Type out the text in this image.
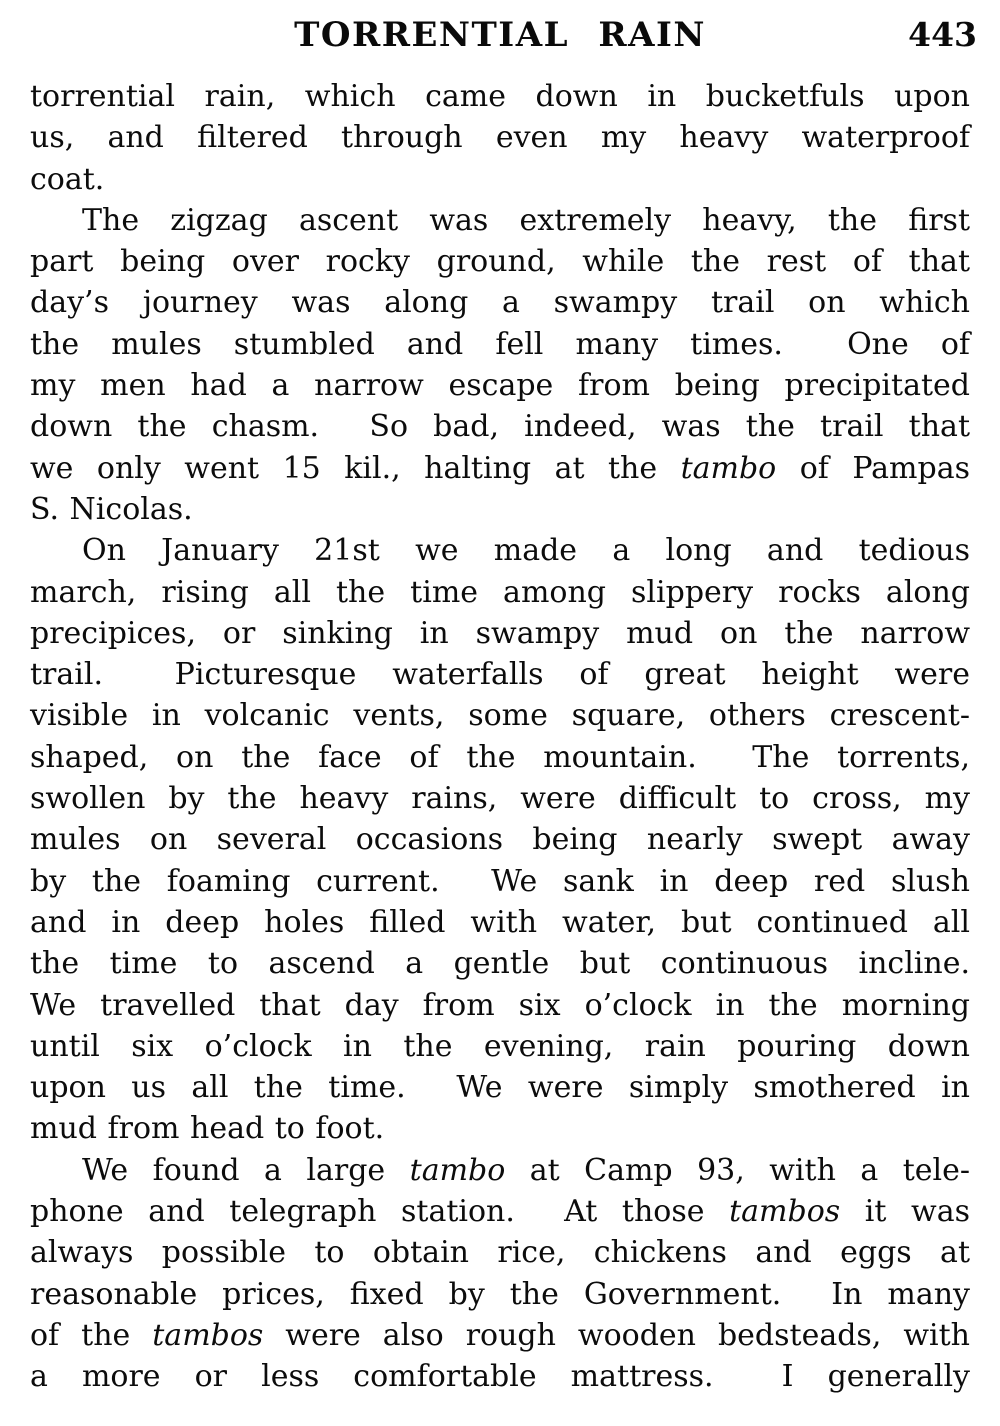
TORRENTIAL RAIN	443
torrential rain, which came down in bucketfuls upon
us, and filtered through even my heavy waterproof
coat.
The zigzag ascent was extremely heavy, the first
part being over rocky ground, while the rest of that
day’s journey was along a swampy trail on which
the mules stumbled and fell many times.  One of
my men had a narrow escape from being precipitated
down the chasm.  So bad, indeed, was the trail that
we only went 15 kil., halting at the tambo of Pampas
S. Nicolas.
On January 21st we made a long and tedious
march, rising all the time among slippery rocks along
precipices, or sinking in swampy mud on the narrow
trail.  Picturesque waterfalls of great height were
visible in volcanic vents, some square, others crescent-
shaped, on the face of the mountain.  The torrents,
swollen by the heavy rains, were difficult to cross, my
mules on several occasions being nearly swept away
by the foaming current.  We sank in deep red slush
and in deep holes filled with water, but continued all
the time to ascend a gentle but continuous incline.
We travelled that day from six o’clock in the morning
until six o’clock in the evening, rain pouring down
upon us all the time.  We were simply smothered in
mud from head to foot.
We found a large tambo at Camp 93, with a tele-
phone and telegraph station.  At those tambos it was
always possible to obtain rice, chickens and eggs at
reasonable prices, fixed by the Government.  In many
of the tambos were also rough wooden bedsteads, with
a more or less comfortable mattress.  I generally
